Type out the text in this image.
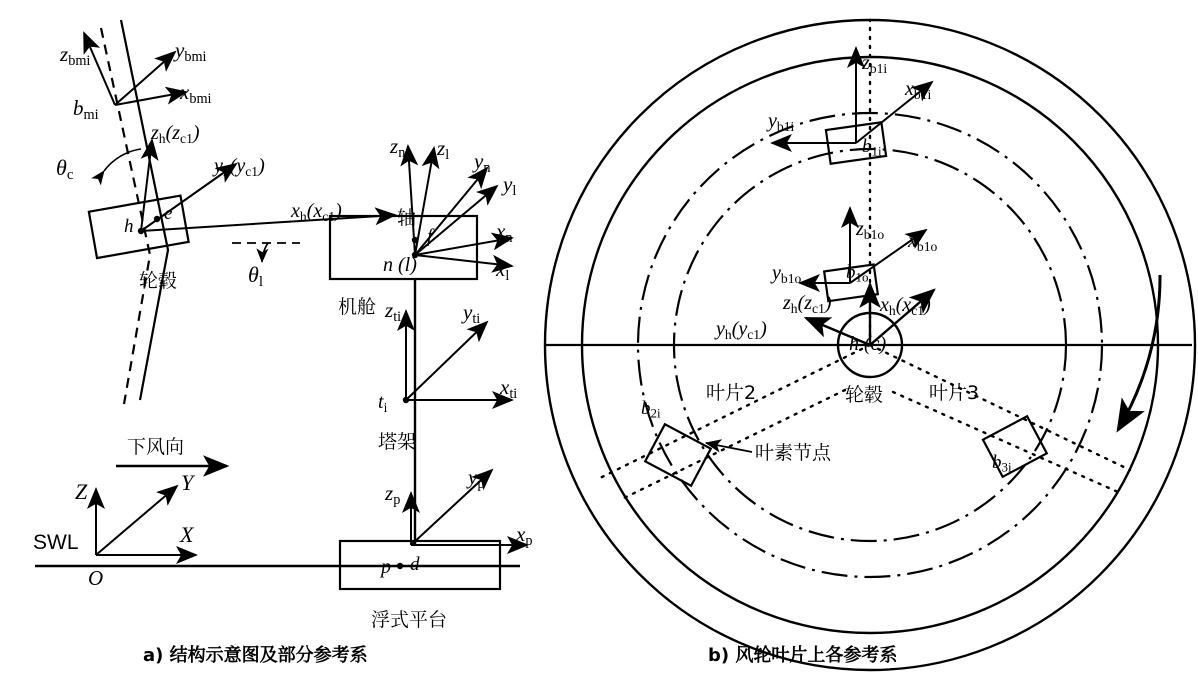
$z_{bmi}$	$y_{bmi}$
$x_{bmi}$
$b_{mi}$
$z_h(z_{c1})$
$\theta_c$	$y_h(y_{c1})$
$x_h(x_{c1})$	轴
h
e
轮毂	$\theta_l$
$z_n$ $z_l$ $y_n$
$y_l$
$x_n$
$x_l$
n (l)
f
机舱 $z_{ti}$	$y_{ti}$
$x_{ti}$
$t_i$
塔架
$z_p$
$y_p$
$x_p$
p d
浮式平台
下风向
Z	Y
X
O
SWL
$z_{b1i}$
$x_{b1i}$
$y_{b1i}$
$b_{1i}$
$z_{b1o}$ $x_{b1o}$
$y_{b1o}$ $b_{1o}$
$z_h(z_{c1})$ $x_h(x_{c1})$
$y_h(y_{c1})$
h (c)
轮毂
叶片2	叶片3
叶素节点
$b_{2i}$
$b_{3i}$
a) 结构示意图及部分参考系	b) 风轮叶片上各参考系
